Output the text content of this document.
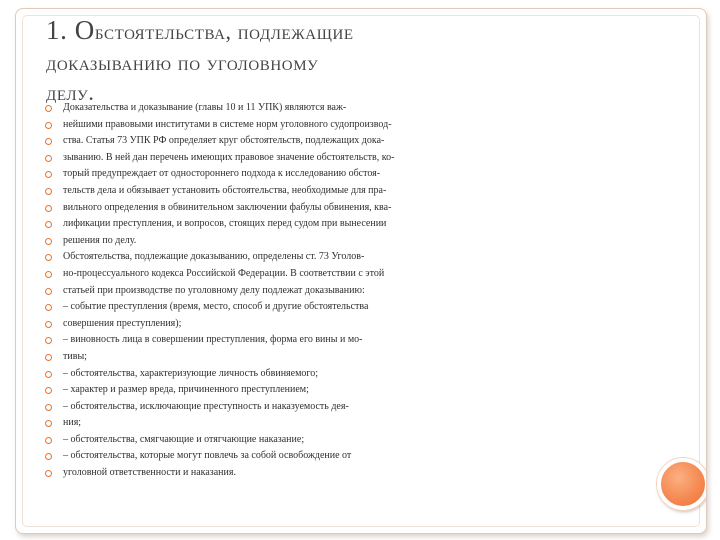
1. Обстоятельства, подлежащие
доказыванию по уголовному
делу.
Доказательства и доказывание (главы 10 и 11 УПК) являются важ-
нейшими правовыми институтами в системе норм уголовного судопроизвод-
ства. Статья 73 УПК РФ определяет круг обстоятельств, подлежащих дока-
зыванию. В ней дан перечень имеющих правовое значение обстоятельств, ко-
торый предупреждает от одностороннего подхода к исследованию обстоя-
тельств дела и обязывает установить обстоятельства, необходимые для пра-
вильного определения в обвинительном заключении фабулы обвинения, ква-
лификации преступления, и вопросов, стоящих перед судом при вынесении
решения по делу.
Обстоятельства, подлежащие доказыванию, определены ст. 73 Уголов-
но-процессуального кодекса Российской Федерации. В соответствии с этой
статьей при производстве по уголовному делу подлежат доказыванию:
– событие преступления (время, место, способ и другие обстоятельства
совершения преступления);
– виновность лица в совершении преступления, форма его вины и мо-
тивы;
– обстоятельства, характеризующие личность обвиняемого;
– характер и размер вреда, причиненного преступлением;
– обстоятельства, исключающие преступность и наказуемость дея-
ния;
– обстоятельства, смягчающие и отягчающие наказание;
– обстоятельства, которые могут повлечь за собой освобождение от
уголовной ответственности и наказания.
